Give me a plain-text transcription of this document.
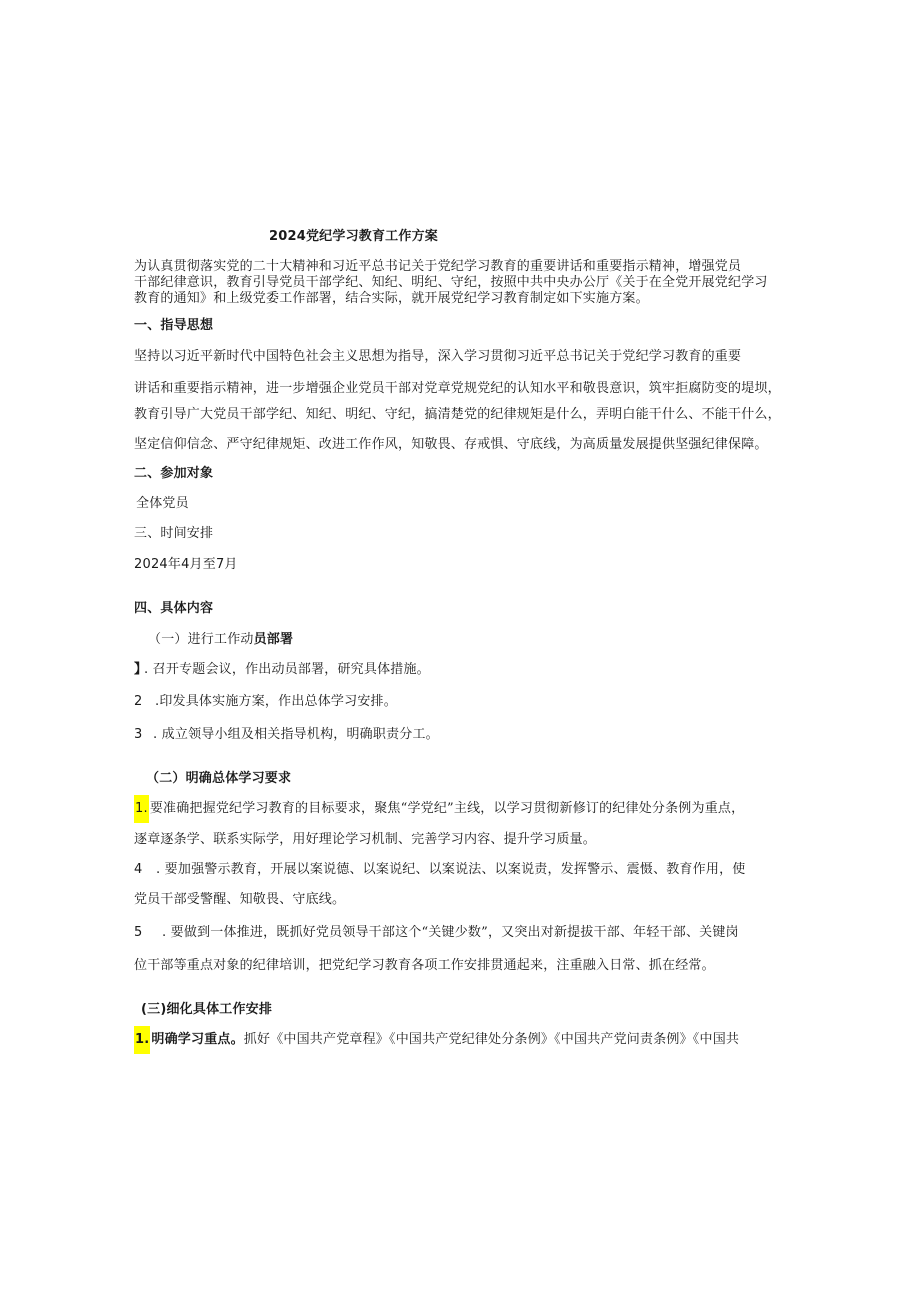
2024党纪学习教育工作方案
为认真贯彻落实党的二十大精神和习近平总书记关于党纪学习教育的重要讲话和重要指示精神，增强党员
干部纪律意识，教育引导党员干部学纪、知纪、明纪、守纪，按照中共中央办公厅《关于在全党开展党纪学习
教育的通知》和上级党委工作部署，结合实际，就开展党纪学习教育制定如下实施方案。
一、指导思想
坚持以习近平新时代中国特色社会主义思想为指导，深入学习贯彻习近平总书记关于党纪学习教育的重要
讲话和重要指示精神，进一步增强企业党员干部对党章党规党纪的认知水平和敬畏意识，筑牢拒腐防变的堤坝，
教育引导广大党员干部学纪、知纪、明纪、守纪，搞清楚党的纪律规矩是什么，弄明白能干什么、不能干什么，
坚定信仰信念、严守纪律规矩、改进工作作风，知敬畏、存戒惧、守底线，为高质量发展提供坚强纪律保障。
二、参加对象
全体党员
三、时间安排
2024年4月至7月
四、具体内容
（一）进行工作动员部署
】. 召开专题会议，作出动员部署，研究具体措施。
2 .印发具体实施方案，作出总体学习安排。
3 . 成立领导小组及相关指导机构，明确职责分工。
（二）明确总体学习要求
1. 要准确把握党纪学习教育的目标要求，聚焦“学党纪”主线，以学习贯彻新修订的纪律处分条例为重点，
逐章逐条学、联系实际学，用好理论学习机制、完善学习内容、提升学习质量。
4 . 要加强警示教育，开展以案说德、以案说纪、以案说法、以案说责，发挥警示、震慑、教育作用，使
党员干部受警醒、知敬畏、守底线。
5 . 要做到一体推进，既抓好党员领导干部这个“关键少数”，又突出对新提拔干部、年轻干部、关键岗
位干部等重点对象的纪律培训，把党纪学习教育各项工作安排贯通起来，注重融入日常、抓在经常。
(三)细化具体工作安排
1. 明确学习重点。抓好《中国共产党章程》《中国共产党纪律处分条例》《中国共产党问责条例》《中国共
